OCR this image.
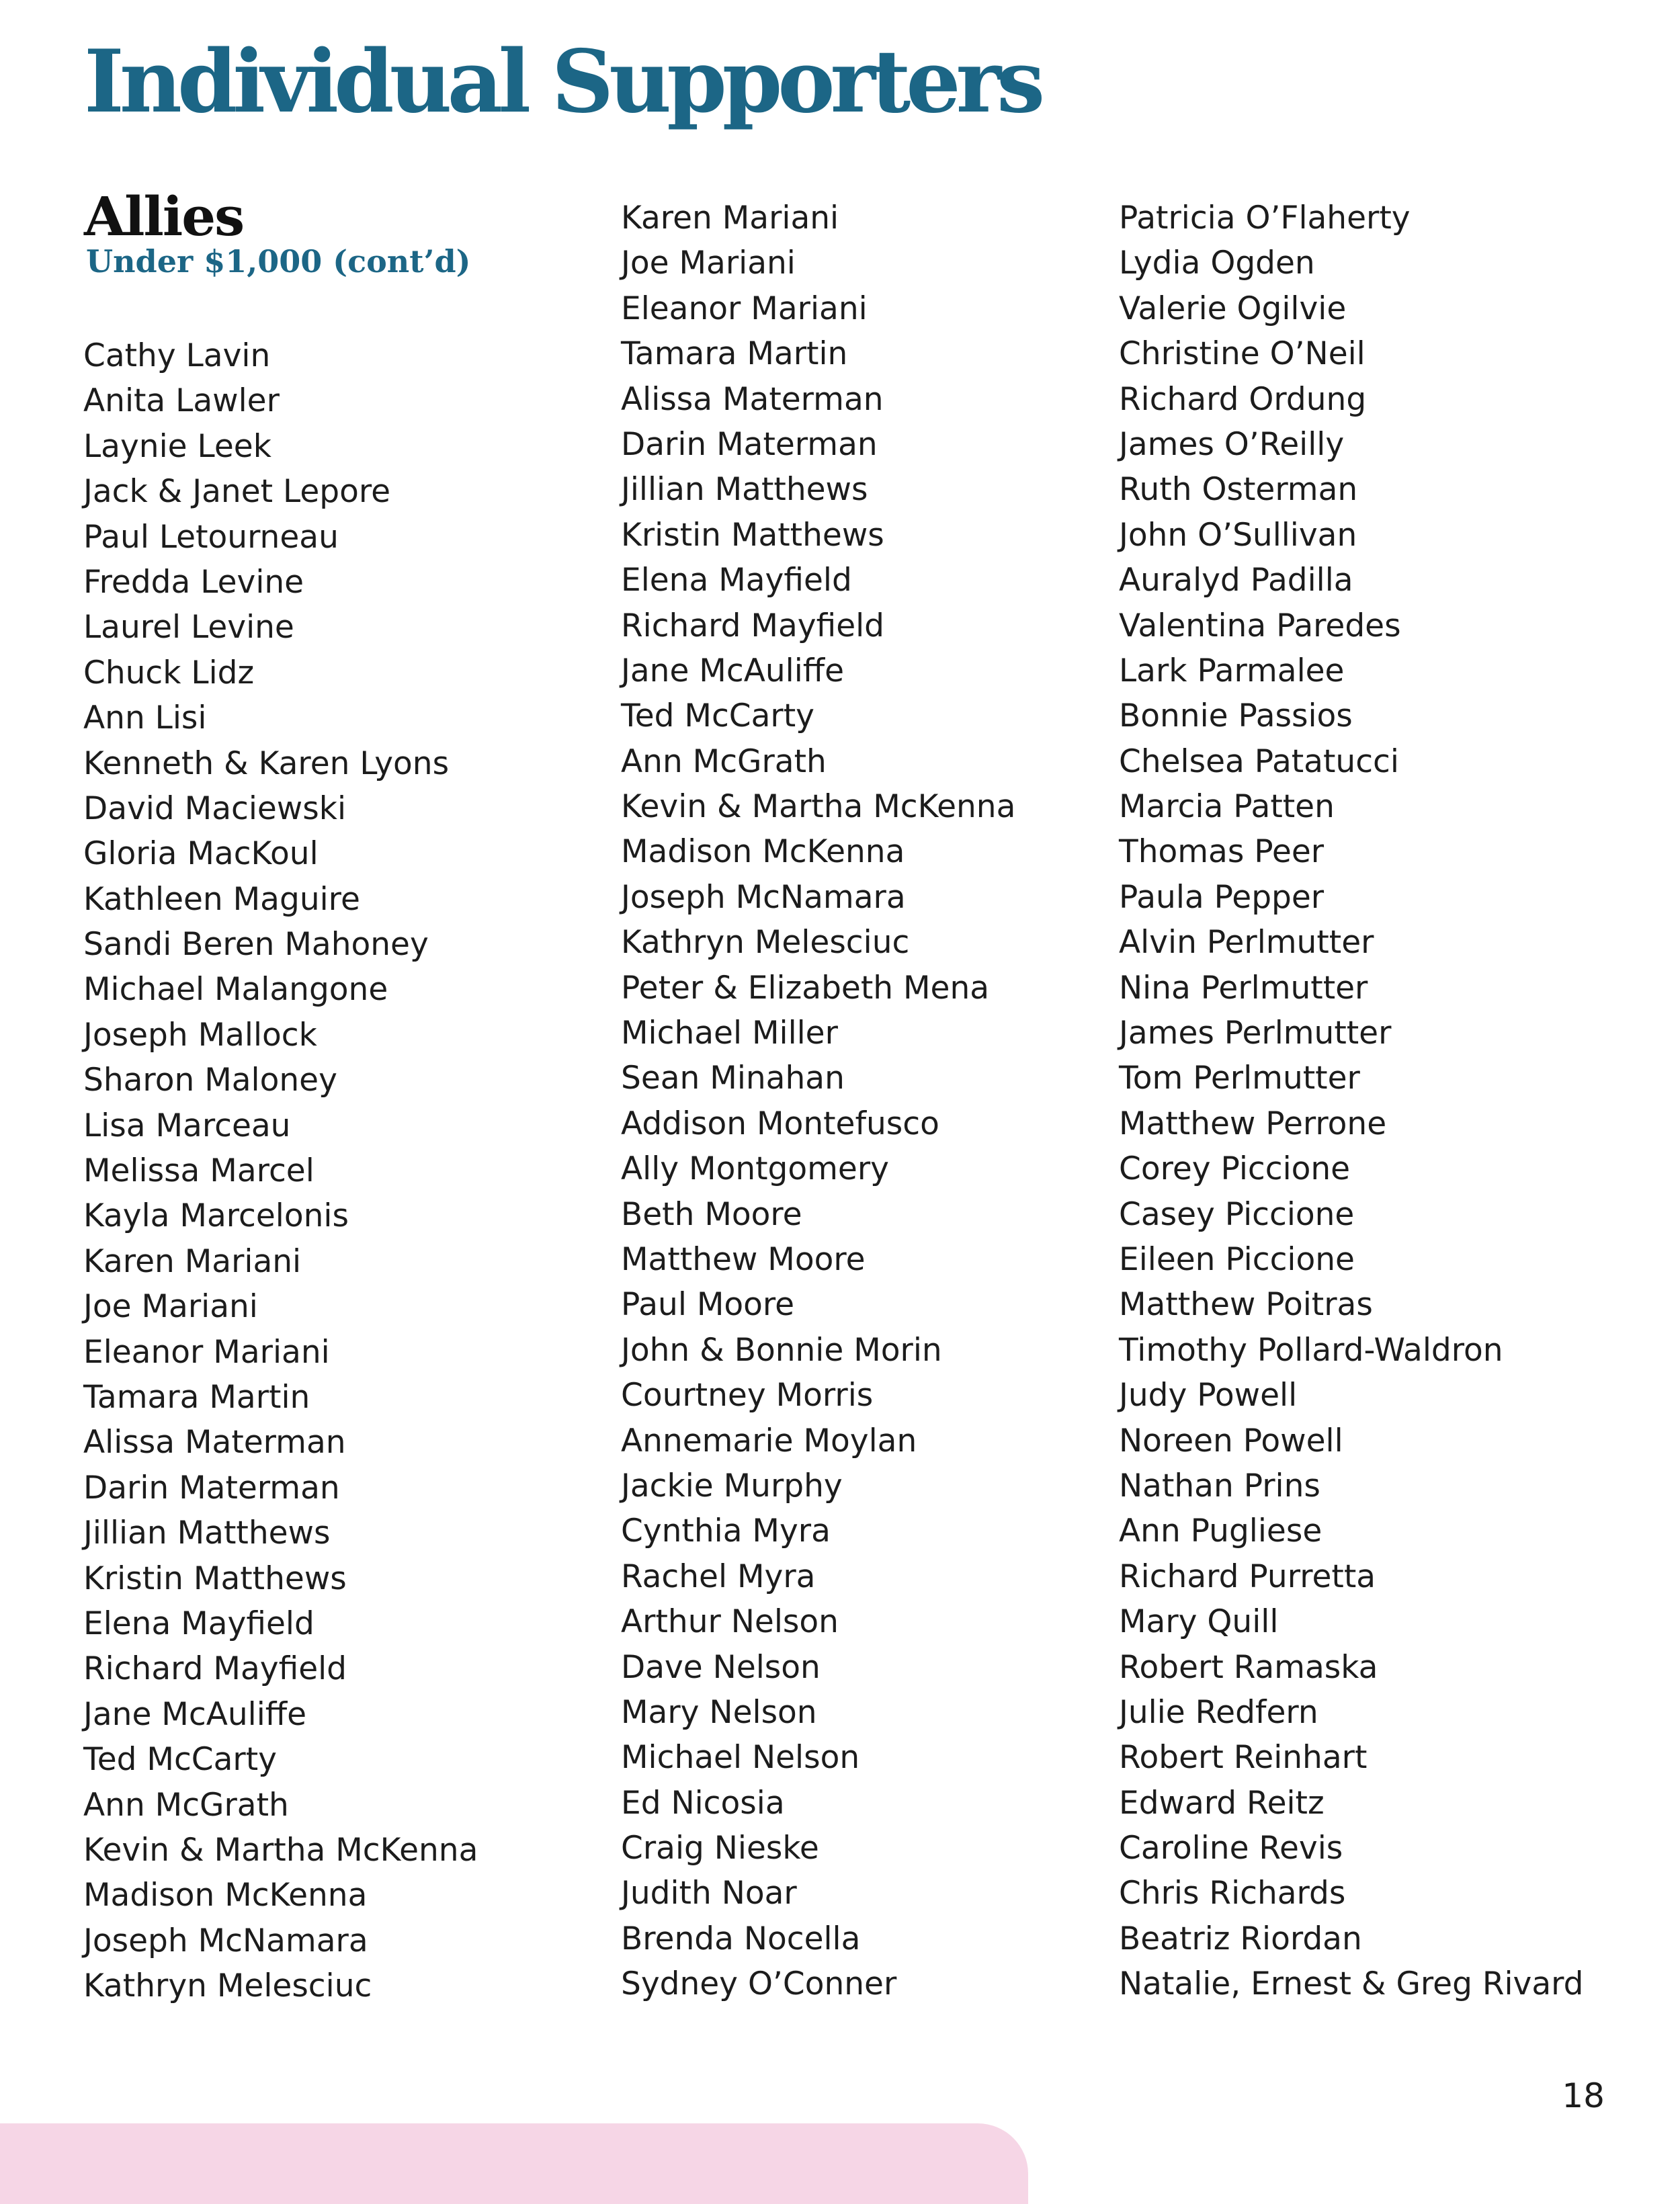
Individual Supporters
Allies
Under $1,000 (cont’d)
Cathy Lavin
Anita Lawler
Laynie Leek
Jack & Janet Lepore
Paul Letourneau
Fredda Levine
Laurel Levine
Chuck Lidz
Ann Lisi
Kenneth & Karen Lyons
David Maciewski
Gloria MacKoul
Kathleen Maguire
Sandi Beren Mahoney
Michael Malangone
Joseph Mallock
Sharon Maloney
Lisa Marceau
Melissa Marcel
Kayla Marcelonis
Karen Mariani
Joe Mariani
Eleanor Mariani
Tamara Martin
Alissa Materman
Darin Materman
Jillian Matthews
Kristin Matthews
Elena Mayfield
Richard Mayfield
Jane McAuliffe
Ted McCarty
Ann McGrath
Kevin & Martha McKenna
Madison McKenna
Joseph McNamara
Kathryn Melesciuc
Karen Mariani
Joe Mariani
Eleanor Mariani
Tamara Martin
Alissa Materman
Darin Materman
Jillian Matthews
Kristin Matthews
Elena Mayfield
Richard Mayfield
Jane McAuliffe
Ted McCarty
Ann McGrath
Kevin & Martha McKenna
Madison McKenna
Joseph McNamara
Kathryn Melesciuc
Peter & Elizabeth Mena
Michael Miller
Sean Minahan
Addison Montefusco
Ally Montgomery
Beth Moore
Matthew Moore
Paul Moore
John & Bonnie Morin
Courtney Morris
Annemarie Moylan
Jackie Murphy
Cynthia Myra
Rachel Myra
Arthur Nelson
Dave Nelson
Mary Nelson
Michael Nelson
Ed Nicosia
Craig Nieske
Judith Noar
Brenda Nocella
Sydney O’Conner
Patricia O’Flaherty
Lydia Ogden
Valerie Ogilvie
Christine O’Neil
Richard Ordung
James O’Reilly
Ruth Osterman
John O’Sullivan
Auralyd Padilla
Valentina Paredes
Lark Parmalee
Bonnie Passios
Chelsea Patatucci
Marcia Patten
Thomas Peer
Paula Pepper
Alvin Perlmutter
Nina Perlmutter
James Perlmutter
Tom Perlmutter
Matthew Perrone
Corey Piccione
Casey Piccione
Eileen Piccione
Matthew Poitras
Timothy Pollard-Waldron
Judy Powell
Noreen Powell
Nathan Prins
Ann Pugliese
Richard Purretta
Mary Quill
Robert Ramaska
Julie Redfern
Robert Reinhart
Edward Reitz
Caroline Revis
Chris Richards
Beatriz Riordan
Natalie, Ernest & Greg Rivard
18
